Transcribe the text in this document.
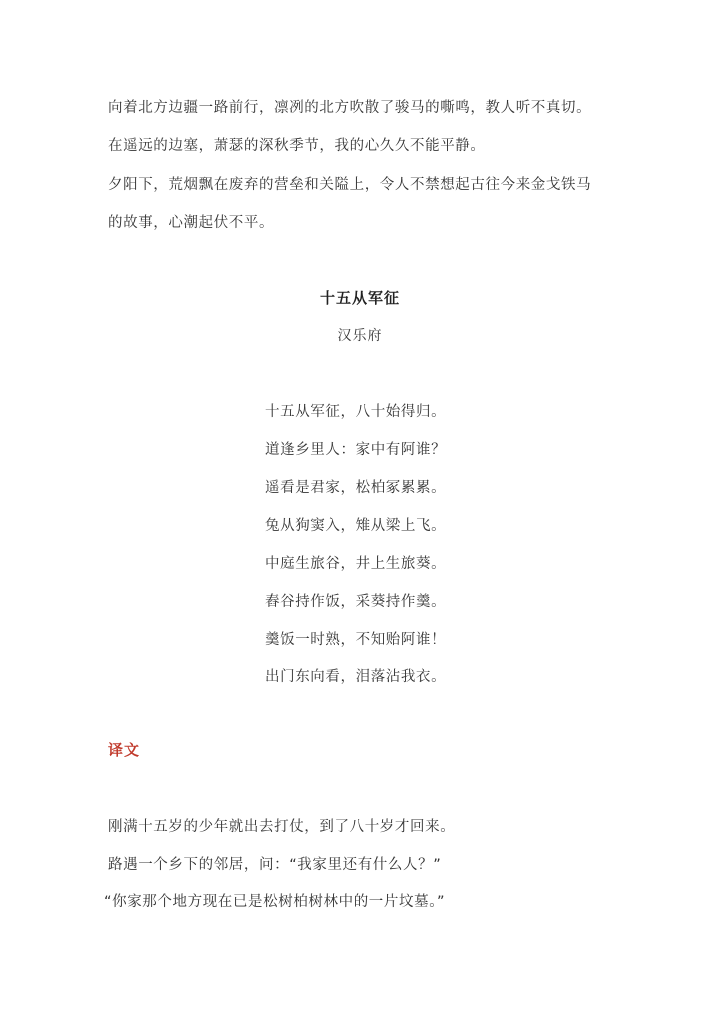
向着北方边疆一路前行，凛冽的北方吹散了骏马的嘶鸣，教人听不真切。
在遥远的边塞，萧瑟的深秋季节，我的心久久不能平静。
夕阳下，荒烟飘在废弃的营垒和关隘上，令人不禁想起古往今来金戈铁马
的故事，心潮起伏不平。
十五从军征
汉乐府
十五从军征，八十始得归。
道逢乡里人：家中有阿谁？
遥看是君家，松柏冢累累。
兔从狗窦入，雉从梁上飞。
中庭生旅谷，井上生旅葵。
舂谷持作饭，采葵持作羹。
羹饭一时熟，不知贻阿谁！
出门东向看，泪落沾我衣。
译文
刚满十五岁的少年就出去打仗，到了八十岁才回来。
路遇一个乡下的邻居，问：“我家里还有什么人？”
“你家那个地方现在已是松树柏树林中的一片坟墓。”
